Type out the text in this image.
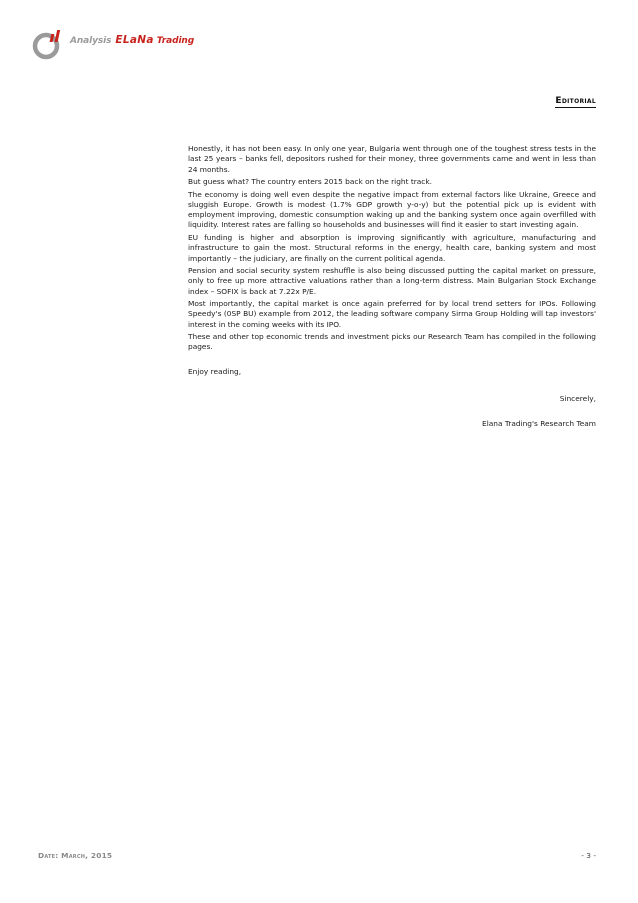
Analysis ELaNa Trading
Editorial

Honestly, it has not been easy. In only one year, Bulgaria went through one of the toughest stress tests in the last 25 years – banks fell, depositors rushed for their money, three governments came and went in less than 24 months.

But guess what? The country enters 2015 back on the right track.

The economy is doing well even despite the negative impact from external factors like Ukraine, Greece and sluggish Europe. Growth is modest (1.7% GDP growth y-o-y) but the potential pick up is evident with employment improving, domestic consumption waking up and the banking system once again overfilled with liquidity. Interest rates are falling so households and businesses will find it easier to start investing again.

EU funding is higher and absorption is improving significantly with agriculture, manufacturing and infrastructure to gain the most. Structural reforms in the energy, health care, banking system and most importantly – the judiciary, are finally on the current political agenda.

Pension and social security system reshuffle is also being discussed putting the capital market on pressure, only to free up more attractive valuations rather than a long-term distress. Main Bulgarian Stock Exchange index – SOFIX is back at 7.22x P/E.

Most importantly, the capital market is once again preferred for by local trend setters for IPOs. Following Speedy's (0SP BU) example from 2012, the leading software company Sirma Group Holding will tap investors' interest in the coming weeks with its IPO.

These and other top economic trends and investment picks our Research Team has compiled in the following pages.

Enjoy reading,

Sincerely,

Elana Trading's Research Team

Date: March, 2015	- 3 -
